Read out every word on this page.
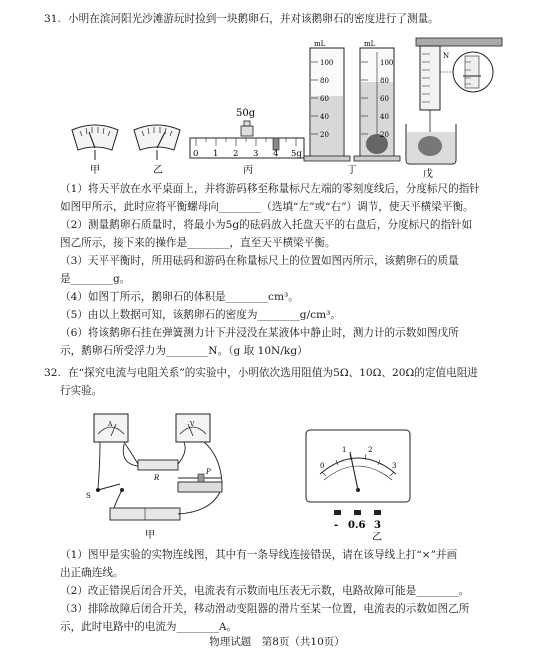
31. 小明在滨河阳光沙滩游玩时捡到一块鹅卵石，并对该鹅卵石的密度进行了测量。
甲	乙
50g
0 1 2 3 4 5g
丙
mL
100
80
60
40
20
mL
100
80
60
40
20
丁
N
戊
（1）将天平放在水平桌面上，并将游码移至称量标尺左端的零刻度线后，分度标尺的指针
如图甲所示，此时应将平衡螺母向________（选填“左”或“右”）调节，使天平横梁平衡。
（2）测量鹅卵石质量时，将最小为5g的砝码放入托盘天平的右盘后，分度标尺的指针如
图乙所示，接下来的操作是________，直至天平横梁平衡。
（3）天平平衡时，所用砝码和游码在称量标尺上的位置如图丙所示，该鹅卵石的质量
是________g。
（4）如图丁所示，鹅卵石的体积是________cm³。
（5）由以上数据可知，该鹅卵石的密度为________g/cm³。
（6）将该鹅卵石挂在弹簧测力计下并浸没在某液体中静止时，测力计的示数如图戊所
示，鹅卵石所受浮力为________N。（g 取 10N/kg）
32. 在“探究电流与电阻关系”的实验中，小明依次选用阻值为5Ω、10Ω、20Ω的定值电阻进
行实验。
A	V
R
P
S
甲
0
1	2
3
- 0.6 3
乙
（1）图甲是实验的实物连线图，其中有一条导线连接错误，请在该导线上打“×”并画
出正确连线。
（2）改正错误后闭合开关，电流表有示数而电压表无示数，电路故障可能是________。
（3）排除故障后闭合开关，移动滑动变阻器的滑片至某一位置，电流表的示数如图乙所
示，此时电路中的电流为________A。
物理试题　第8页（共10页）
